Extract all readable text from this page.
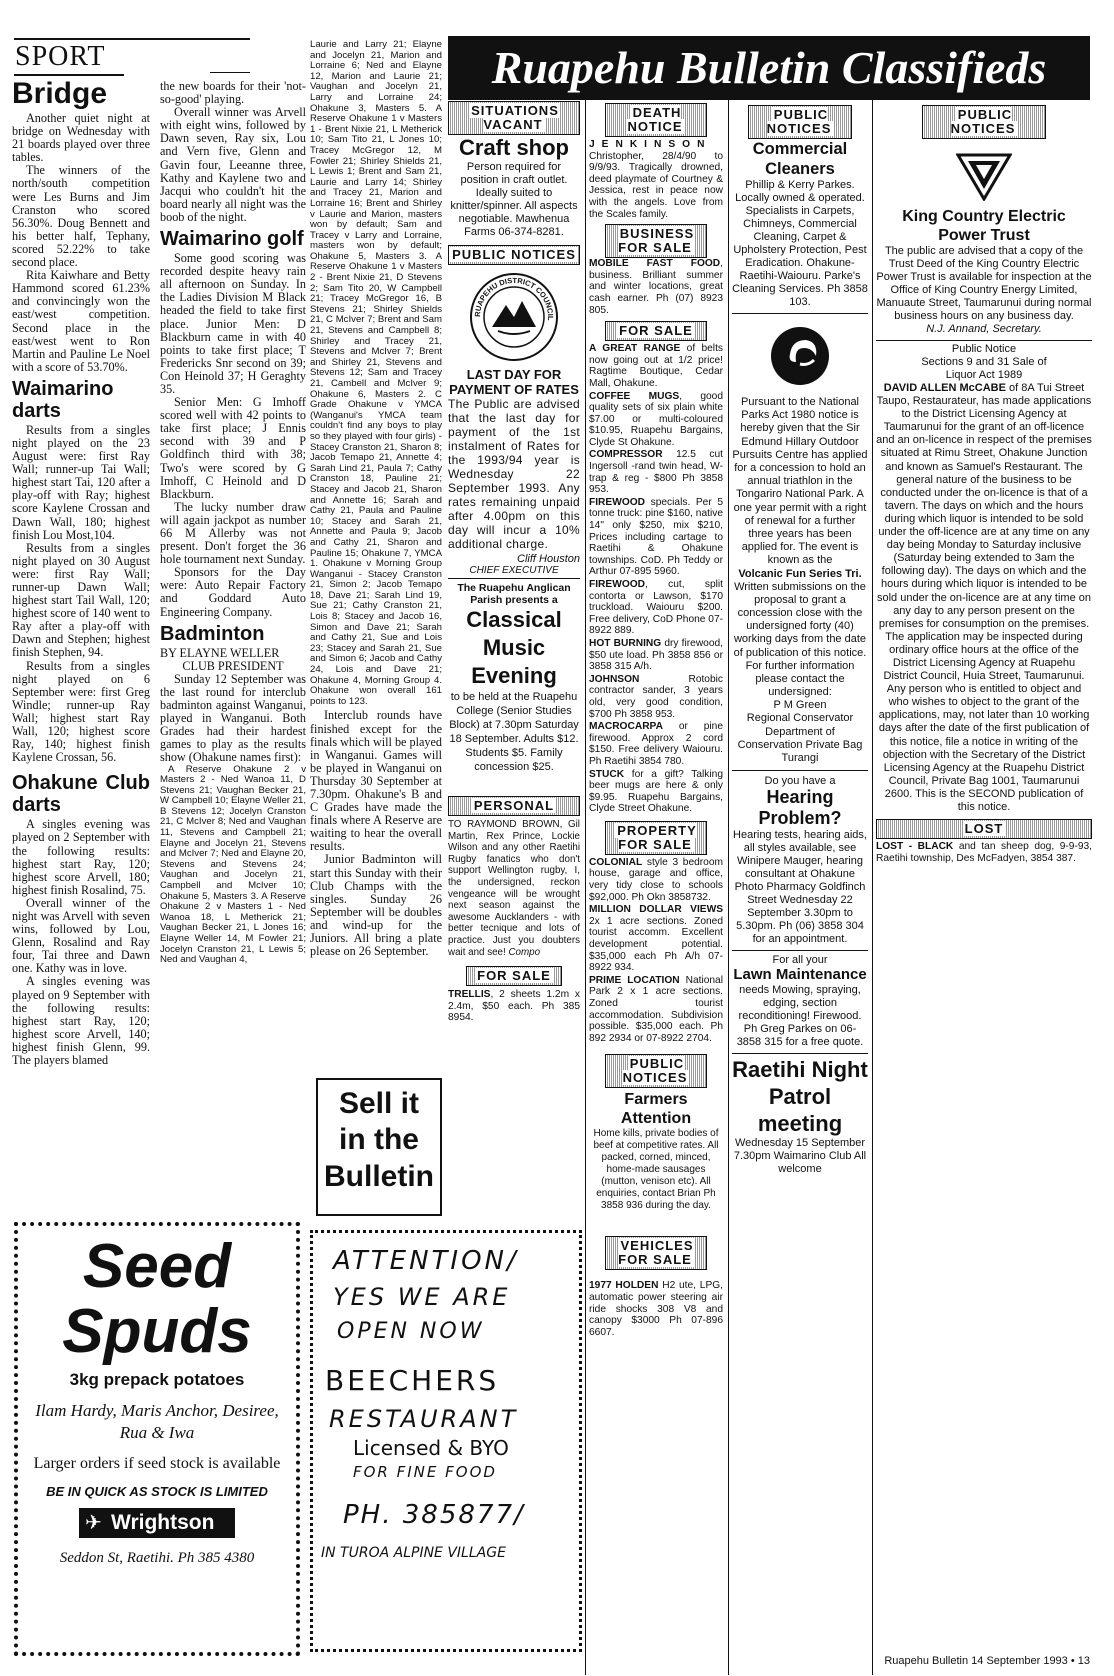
SPORT
Bridge

Another quiet night at bridge on Wednesday with 21 boards played over three tables.

The winners of the north/south competition were Les Burns and Jim Cranston who scored 56.30%. Doug Bennett and his better half, Tephany, scored 52.22% to take second place.

Rita Kaiwhare and Betty Hammond scored 61.23% and convincingly won the east/west competition. Second place in the east/west went to Ron Martin and Pauline Le Noel with a score of 53.70%.

Waimarino darts

Results from a singles night played on the 23 August were: first Ray Wall; runner-up Tai Wall; highest start Tai, 120 after a play-off with Ray; highest score Kaylene Crossan and Dawn Wall, 180; highest finish Lou Most,104.

Results from a singles night played on 30 August were: first Ray Wall; runner-up Dawn Wall; highest start Tail Wall, 120; highest score of 140 went to Ray after a play-off with Dawn and Stephen; highest finish Stephen, 94.

Results from a singles night played on 6 September were: first Greg Windle; runner-up Ray Wall; highest start Ray Wall, 120; highest score Ray, 140; highest finish Kaylene Crossan, 56.

Ohakune Club darts

A singles evening was played on 2 September with the following results: highest start Ray, 120; highest score Arvell, 180; highest finish Rosalind, 75.

Overall winner of the night was Arvell with seven wins, followed by Lou, Glenn, Rosalind and Ray four, Tai three and Dawn one. Kathy was in love.

A singles evening was played on 9 September with the following results: highest start Ray, 120; highest score Arvell, 140; highest finish Glenn, 99. The players blamed

the new boards for their 'not-so-good' playing.

Overall winner was Arvell with eight wins, followed by Dawn seven, Ray six, Lou and Vern five, Glenn and Gavin four, Leeanne three, Kathy and Kaylene two and Jacqui who couldn't hit the board nearly all night was the boob of the night.

Waimarino golf

Some good scoring was recorded despite heavy rain all afternoon on Sunday. In the Ladies Division M Black headed the field to take first place. Junior Men: D Blackburn came in with 40 points to take first place; T Fredericks Snr second on 39; Con Heinold 37; H Geraghty 35.

Senior Men: G Imhoff scored well with 42 points to take first place; J Ennis second with 39 and P Goldfinch third with 38; Two's were scored by G Imhoff, C Heinold and D Blackburn.

The lucky number draw will again jackpot as number 66 M Allerby was not present. Don't forget the 36 hole tournament next Sunday.

Sponsors for the Day were: Auto Repair Factory and Goddard Auto Engineering Company.

Badminton
BY ELAYNE WELLER
CLUB PRESIDENT

Sunday 12 September was the last round for interclub badminton against Wanganui, played in Wanganui. Both Grades had their hardest games to play as the results show (Ohakune names first):

A Reserve Ohakune 2 v Masters 2 - Ned Wanoa 11, D Stevens 21; Vaughan Becker 21, W Campbell 10; Elayne Weller 21, B Stevens 12; Jocelyn Cranston 21, C McIver 8; Ned and Vaughan 11, Stevens and Campbell 21; Elayne and Jocelyn 21, Stevens and McIver 7; Ned and Elayne 20, Stevens and Stevens 24; Vaughan and Jocelyn 21, Campbell and McIver 10; Ohakune 5, Masters 3. A Reserve Ohakune 2 v Masters 1 - Ned Wanoa 18, L Metherick 21; Vaughan Becker 21, L Jones 16; Elayne Weller 14, M Fowler 21; Jocelyn Cranston 21, L Lewis 5; Ned and Vaughan 4,
Laurie and Larry 21; Elayne and Jocelyn 21, Marion and Lorraine 6; Ned and Elayne 12, Marion and Laurie 21; Vaughan and Jocelyn 21, Larry and Lorraine 24; Ohakune 3, Masters 5. A Reserve Ohakune 1 v Masters 1 - Brent Nixie 21, L Metherick 10; Sam Tito 21, L Jones 10; Tracey McGregor 12, M Fowler 21; Shirley Shields 21, L Lewis 1; Brent and Sam 21, Laurie and Larry 14; Shirley and Tracey 21, Marion and Lorraine 16; Brent and Shirley v Laurie and Marion, masters won by default; Sam and Tracey v Larry and Lorraine, masters won by default; Ohakune 5, Masters 3. A Reserve Ohakune 1 v Masters 2 - Brent Nixie 21, D Stevens 2; Sam Tito 20, W Campbell 21; Tracey McGregor 16, B Stevens 21; Shirley Shields 21, C McIver 7; Brent and Sam 21, Stevens and Campbell 8; Shirley and Tracey 21, Stevens and McIver 7; Brent and Shirley 21, Stevens and Stevens 12; Sam and Tracey 21, Cambell and McIver 9; Ohakune 6, Masters 2. C Grade Ohakune v YMCA (Wanganui's YMCA team couldn't find any boys to play so they played with four girls) - Stacey Cranston 21, Sharon 8; Jacob Temapo 21, Annette 4; Sarah Lind 21, Paula 7; Cathy Cranston 18, Pauline 21; Stacey and Jacob 21, Sharon and Annette 16; Sarah and Cathy 21, Paula and Pauline 10; Stacey and Sarah 21, Annette and Paula 9; Jacob and Cathy 21, Sharon and Pauline 15; Ohakune 7, YMCA 1. Ohakune v Morning Group Wanganui - Stacey Cranston 21, Simon 2; Jacob Temapo 18, Dave 21; Sarah Lind 19, Sue 21; Cathy Cranston 21, Lois 8; Stacey and Jacob 16, Simon and Dave 21; Sarah and Cathy 21, Sue and Lois 23; Stacey and Sarah 21, Sue and Simon 6; Jacob and Cathy 24, Lois and Dave 21; Ohakune 4, Morning Group 4. Ohakune won overall 161 points to 123.

Interclub rounds have finished except for the finals which will be played in Wanganui. Games will be played in Wanganui on Thursday 30 September at 7.30pm. Ohakune's B and C Grades have made the finals where A Reserve are waiting to hear the overall results.

Junior Badminton will start this Sunday with their Club Champs with the singles. Sunday 26 September will be doubles and wind-up for the Juniors. All bring a plate please on 26 September.

Sell it
in the
Bulletin
Ruapehu Bulletin Classifieds
SITUATIONS VACANT
Craft shop
Person required for position in craft outlet. Ideally suited to knitter/spinner. All aspects negotiable. Mawhenua Farms 06-374-8281.
PUBLIC NOTICES
RUAPEHU DISTRICT COUNCIL
LAST DAY FOR PAYMENT OF RATES
The Public are advised that the last day for payment of the 1st instalment of Rates for the 1993/94 year is Wednesday 22 September 1993. Any rates remaining unpaid after 4.00pm on this day will incur a 10% additional charge.
Cliff Houston
CHIEF EXECUTIVE
The Ruapehu Anglican Parish presents a
Classical Music Evening
to be held at the Ruapehu College (Senior Studies Block) at 7.30pm Saturday 18 September. Adults $12. Students $5. Family concession $25.
PERSONAL
TO RAYMOND BROWN, Gil Martin, Rex Prince, Lockie Wilson and any other Raetihi Rugby fanatics who don't support Wellington rugby, I, the undersigned, reckon vengeance will be wrought next season against the awesome Aucklanders - with better tecnique and lots of practice. Just you doubters wait and see! Compo
FOR SALE
TRELLIS, 2 sheets 1.2m x 2.4m, $50 each. Ph 385 8954.
DEATH NOTICE
JENKINSON
Christopher, 28/4/90 to 9/9/93. Tragically drowned, deed playmate of Courtney & Jessica, rest in peace now with the angels. Love from the Scales family.
BUSINESS FOR SALE
MOBILE FAST FOOD, business. Brilliant summer and winter locations, great cash earner. Ph (07) 8923 805.
FOR SALE

A GREAT RANGE of belts now going out at 1/2 price! Ragtime Boutique, Cedar Mall, Ohakune.

COFFEE MUGS, good quality sets of six plain white $7.00 or multi-coloured $10.95, Ruapehu Bargains, Clyde St Ohakune.

COMPRESSOR 12.5 cut Ingersoll -rand twin head, W-trap & reg - $800 Ph 3858 953.

FIREWOOD specials. Per 5 tonne truck: pine $160, native 14" only $250, mix $210, Prices including cartage to Raetihi & Ohakune townships. CoD. Ph Teddy or Arthur 07-895 5960.

FIREWOOD, cut, split contorta or Lawson, $170 truckload. Waiouru $200. Free delivery, CoD Phone 07-8922 889.

HOT BURNING dry firewood, $50 ute load. Ph 3858 856 or 3858 315 A/h.

JOHNSON Rotobic contractor sander, 3 years old, very good condition, $700 Ph 3858 953.

MACROCARPA or pine firewood. Approx 2 cord $150. Free delivery Waiouru. Ph Raetihi 3854 780.

STUCK for a gift? Talking beer mugs are here & only $9.95. Ruapehu Bargains, Clyde Street Ohakune.

PROPERTY FOR SALE

COLONIAL style 3 bedroom house, garage and office, very tidy close to schools $92,000. Ph Okn 3858732.

MILLION DOLLAR VIEWS 2x 1 acre sections. Zoned tourist accomm. Excellent development potential. $35,000 each Ph A/h 07-8922 934.

PRIME LOCATION National Park 2 x 1 acre sections. Zoned tourist accommodation. Subdivision possible. $35,000 each. Ph 892 2934 or 07-8922 2704.

PUBLIC NOTICES
Farmers Attention
Home kills, private bodies of beef at competitive rates. All packed, corned, minced, home-made sausages (mutton, venison etc). All enquiries, contact Brian Ph 3858 936 during the day.
VEHICLES FOR SALE
1977 HOLDEN H2 ute, LPG, automatic power steering air ride shocks 308 V8 and canopy $3000 Ph 07-896 6607.
PUBLIC NOTICES
Commercial Cleaners
Phillip & Kerry Parkes. Locally owned & operated. Specialists in Carpets, Chimneys, Commercial Cleaning, Carpet & Upholstery Protection, Pest Eradication. Ohakune-Raetihi-Waiouru. Parke's Cleaning Services. Ph 3858 103.
Pursuant to the National Parks Act 1980 notice is hereby given that the Sir Edmund Hillary Outdoor Pursuits Centre has applied for a concession to hold an annual triathlon in the Tongariro National Park. A one year permit with a right of renewal for a further three years has been applied for. The event is known as the
Volcanic Fun Series Tri.
Written submissions on the proposal to grant a concession close with the undersigned forty (40) working days from the date of publication of this notice. For further information please contact the undersigned:
P M Green
Regional Conservator Department of Conservation Private Bag Turangi
Do you have a
Hearing Problem?
Hearing tests, hearing aids, all styles available, see Winipere Mauger, hearing consultant at Ohakune Photo Pharmacy Goldfinch Street Wednesday 22 September 3.30pm to 5.30pm. Ph (06) 3858 304 for an appointment.
For all your
Lawn Maintenance
needs Mowing, spraying, edging, section reconditioning! Firewood. Ph Greg Parkes on 06-3858 315 for a free quote.
Raetihi Night Patrol meeting
Wednesday 15 September 7.30pm Waimarino Club All welcome
PUBLIC NOTICES
King Country Electric Power Trust
The public are advised that a copy of the Trust Deed of the King Country Electric Power Trust is available for inspection at the Office of King Country Energy Limited, Manuaute Street, Taumarunui during normal business hours on any business day.
N.J. Annand, Secretary.
Public Notice
Sections 9 and 31 Sale of Liquor Act 1989
DAVID ALLEN McCABE of 8A Tui Street Taupo, Restaurateur, has made applications to the District Licensing Agency at Taumarunui for the grant of an off-licence and an on-licence in respect of the premises situated at Rimu Street, Ohakune Junction and known as Samuel's Restaurant. The general nature of the business to be conducted under the on-licence is that of a tavern. The days on which and the hours during which liquor is intended to be sold under the off-licence are at any time on any day being Monday to Saturday inclusive (Saturday being extended to 3am the following day). The days on which and the hours during which liquor is intended to be sold under the on-licence are at any time on any day to any person present on the premises for consumption on the premises. The application may be inspected during ordinary office hours at the office of the District Licensing Agency at Ruapehu District Council, Huia Street, Taumarunui. Any person who is entitled to object and who wishes to object to the grant of the applications, may, not later than 10 working days after the date of the first publication of this notice, file a notice in writing of the objection with the Secretary of the District Licensing Agency at the Ruapehu District Council, Private Bag 1001, Taumarunui 2600. This is the SECOND publication of this notice.
LOST
LOST - BLACK and tan sheep dog, 9-9-93, Raetihi township, Des McFadyen, 3854 387.
Seed
Spuds
3kg prepack potatoes
Ilam Hardy, Maris Anchor, Desiree, Rua & Iwa
Larger orders if seed stock is available
BE IN QUICK AS STOCK IS LIMITED
✈ Wrightson
Seddon St, Raetihi. Ph 385 4380
ATTENTION/
YES WE ARE
OPEN NOW
BEECHERS
RESTAURANT
Licensed & BYO
FOR FINE FOOD
PH. 385877/
IN TUROA ALPINE VILLAGE
Ruapehu Bulletin 14 September 1993 • 13
